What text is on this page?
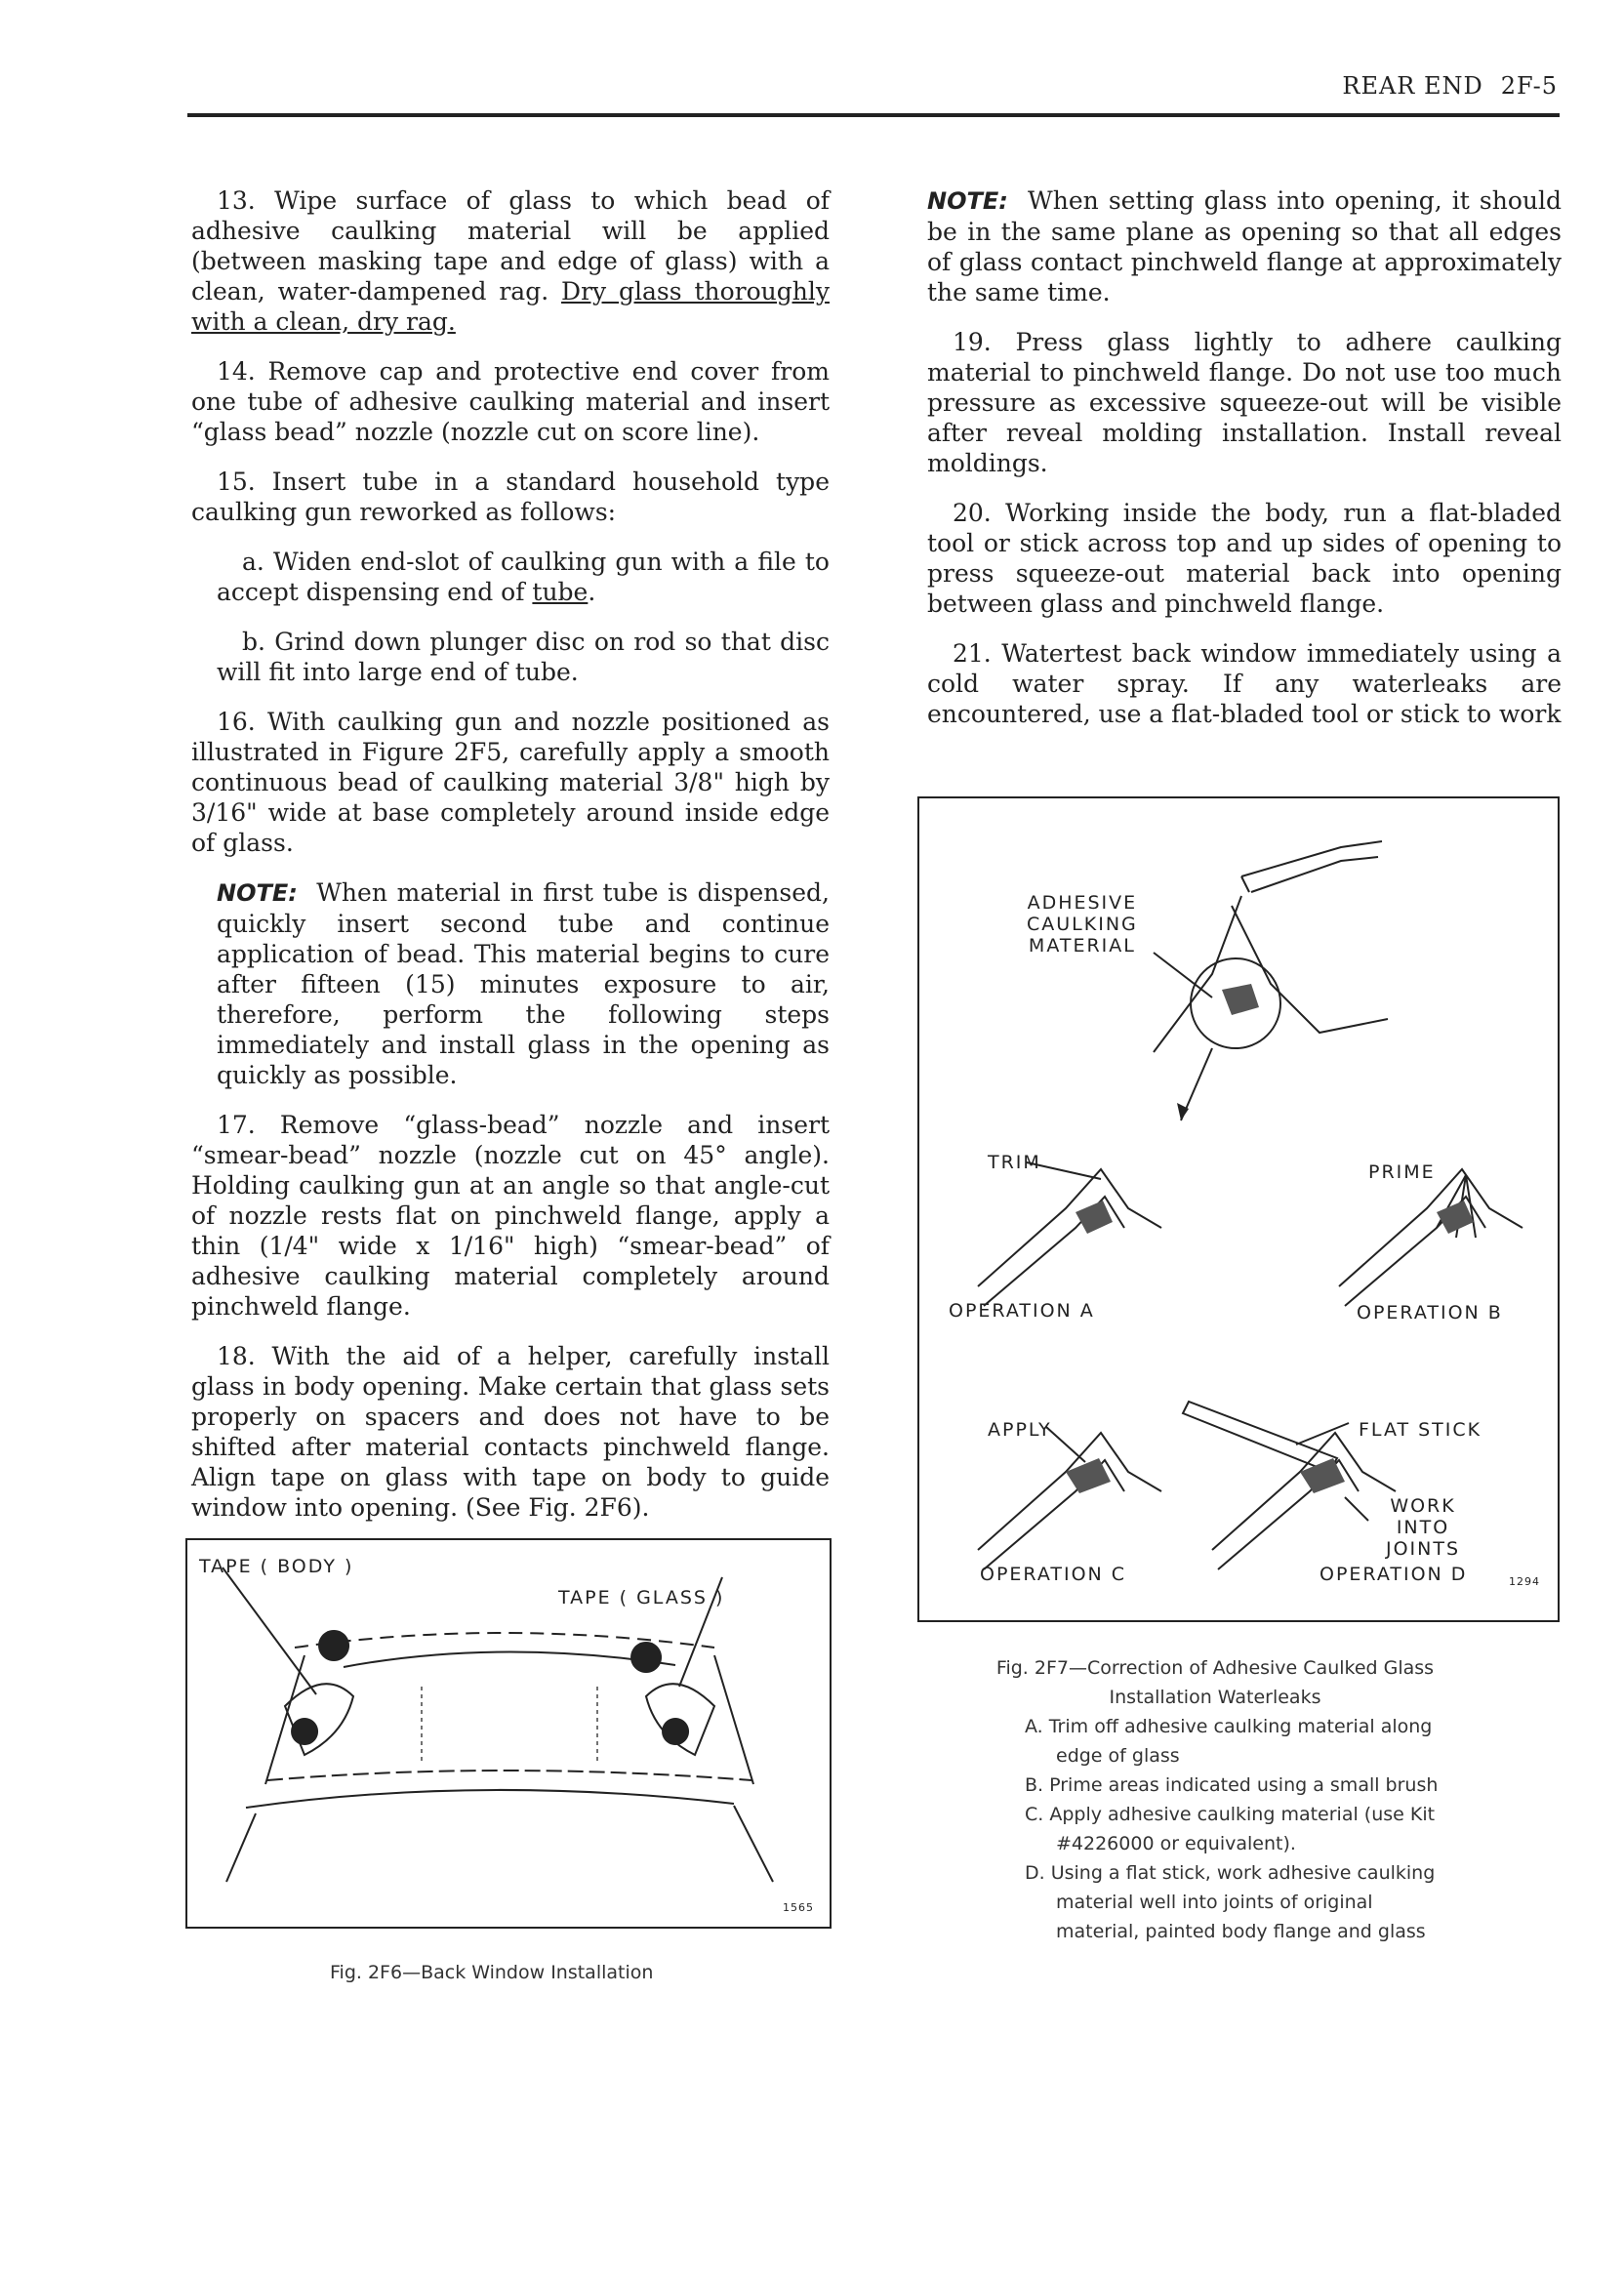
REAR END 2F-5

13. Wipe surface of glass to which bead of adhesive caulking material will be applied (between masking tape and edge of glass) with a clean, water-dampened rag. Dry glass thoroughly with a clean, dry rag.

14. Remove cap and protective end cover from one tube of adhesive caulking material and insert “glass bead” nozzle (nozzle cut on score line).

15. Insert tube in a standard household type caulking gun reworked as follows:

a. Widen end-slot of caulking gun with a file to accept dispensing end of tube.

b. Grind down plunger disc on rod so that disc will fit into large end of tube.

16. With caulking gun and nozzle positioned as illustrated in Figure 2F5, carefully apply a smooth continuous bead of caulking material 3/8" high by 3/16" wide at base completely around inside edge of glass.

NOTE: When material in first tube is dispensed, quickly insert second tube and continue application of bead. This material begins to cure after fifteen (15) minutes exposure to air, therefore, perform the following steps immediately and install glass in the opening as quickly as possible.

17. Remove “glass-bead” nozzle and insert “smear-bead” nozzle (nozzle cut on 45° angle). Holding caulking gun at an angle so that angle-cut of nozzle rests flat on pinchweld flange, apply a thin (1/4" wide x 1/16" high) “smear-bead” of adhesive caulking material completely around pinchweld flange.

18. With the aid of a helper, carefully install glass in body opening. Make certain that glass sets properly on spacers and does not have to be shifted after material contacts pinchweld flange. Align tape on glass with tape on body to guide window into opening. (See Fig. 2F6).

NOTE: When setting glass into opening, it should be in the same plane as opening so that all edges of glass contact pinchweld flange at approximately the same time.

19. Press glass lightly to adhere caulking material to pinchweld flange. Do not use too much pressure as excessive squeeze-out will be visible after reveal molding installation. Install reveal moldings.

20. Working inside the body, run a flat-bladed tool or stick across top and up sides of opening to press squeeze-out material back into opening between glass and pinchweld flange.

21. Watertest back window immediately using a cold water spray. If any waterleaks are encountered, use a flat-bladed tool or stick to work

TAPE ( BODY )
TAPE ( GLASS )
1565
Fig. 2F6—Back Window Installation
ADHESIVE
CAULKING
MATERIAL
TRIM	PRIME
OPERATION A	OPERATION B
APPLY	FLAT STICK
WORK
INTO
JOINTS
OPERATION C	OPERATION D	1294
Fig. 2F7—Correction of Adhesive Caulked Glass
Installation Waterleaks
A. Trim off adhesive caulking material along edge of glass
B. Prime areas indicated using a small brush
C. Apply adhesive caulking material (use Kit #4226000 or equivalent).
D. Using a flat stick, work adhesive caulking material well into joints of original material, painted body flange and glass
